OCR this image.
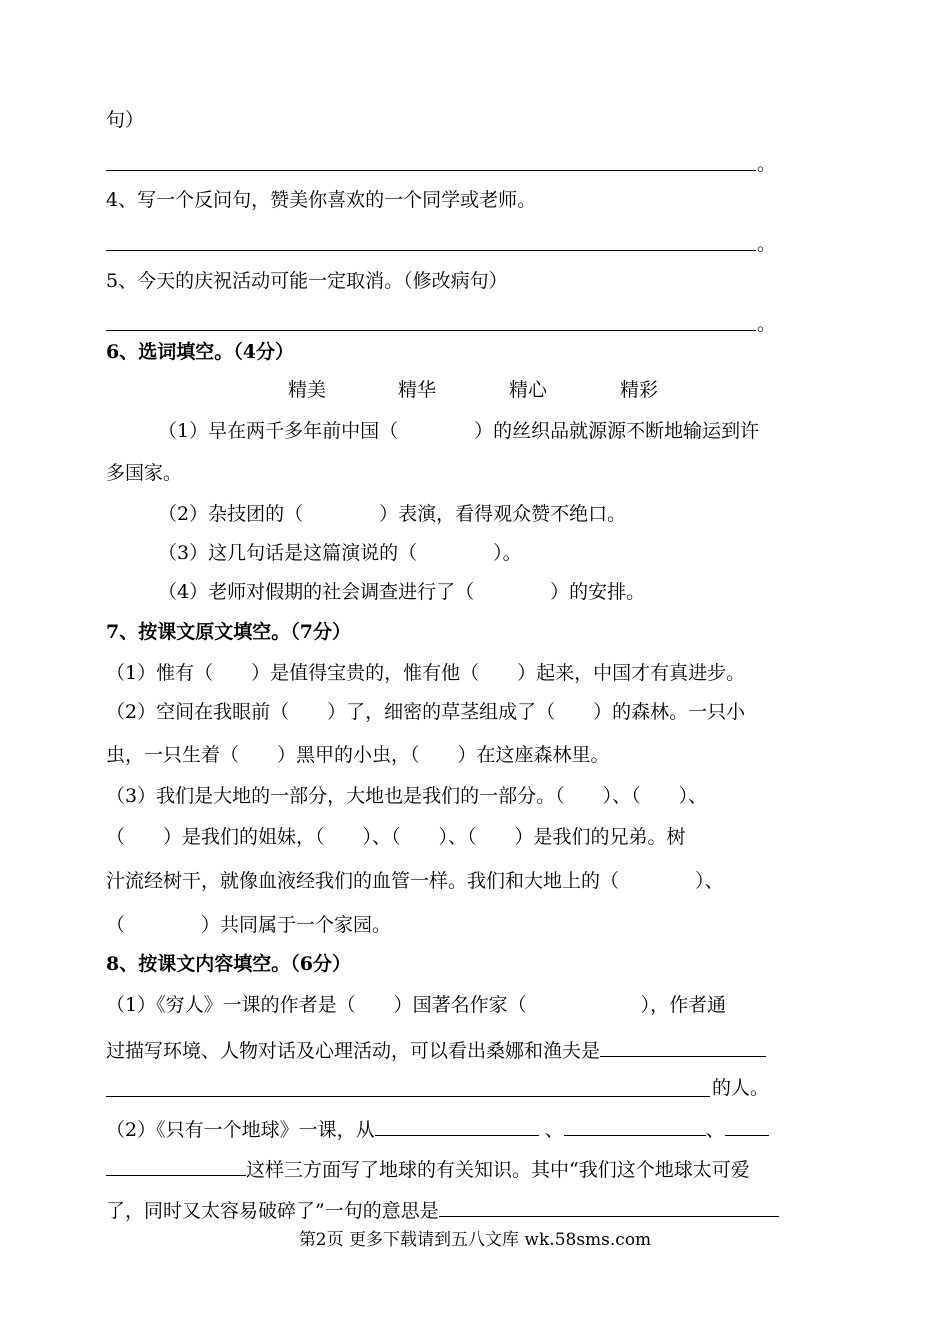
句）
。
4、写一个反问句，赞美你喜欢的一个同学或老师。
。
5、今天的庆祝活动可能一定取消。（修改病句）
。
6、选词填空。（4分）
精美	精华	精心	精彩
（1）早在两千多年前中国（　　　　）的丝织品就源源不断地输运到许
多国家。
（2）杂技团的（　　　　）表演，看得观众赞不绝口。
（3）这几句话是这篇演说的（　　　　）。
（4）老师对假期的社会调查进行了（　　　　）的安排。
7、按课文原文填空。（7分）
（1）惟有（　　）是值得宝贵的，惟有他（　　）起来，中国才有真进步。
（2）空间在我眼前（　　）了，细密的草茎组成了（　　）的森林。一只小
虫，一只生着（　　）黑甲的小虫，（　　）在这座森林里。
（3）我们是大地的一部分，大地也是我们的一部分。（　　）、（　　）、
（　　）是我们的姐妹，（　　）、（　　）、（　　）是我们的兄弟。树
汁流经树干，就像血液经我们的血管一样。我们和大地上的（　　　　）、
（　　　　）共同属于一个家园。
8、按课文内容填空。（6分）
（1）《穷人》一课的作者是（　　）国著名作家（　　　　　　），作者通
过描写环境、人物对话及心理活动，可以看出桑娜和渔夫是
的人。
（2）《只有一个地球》一课，从	、	、
这样三方面写了地球的有关知识。其中“我们这个地球太可爱
了，同时又太容易破碎了”一句的意思是
第2页 更多下载请到五八文库 wk.58sms.com
